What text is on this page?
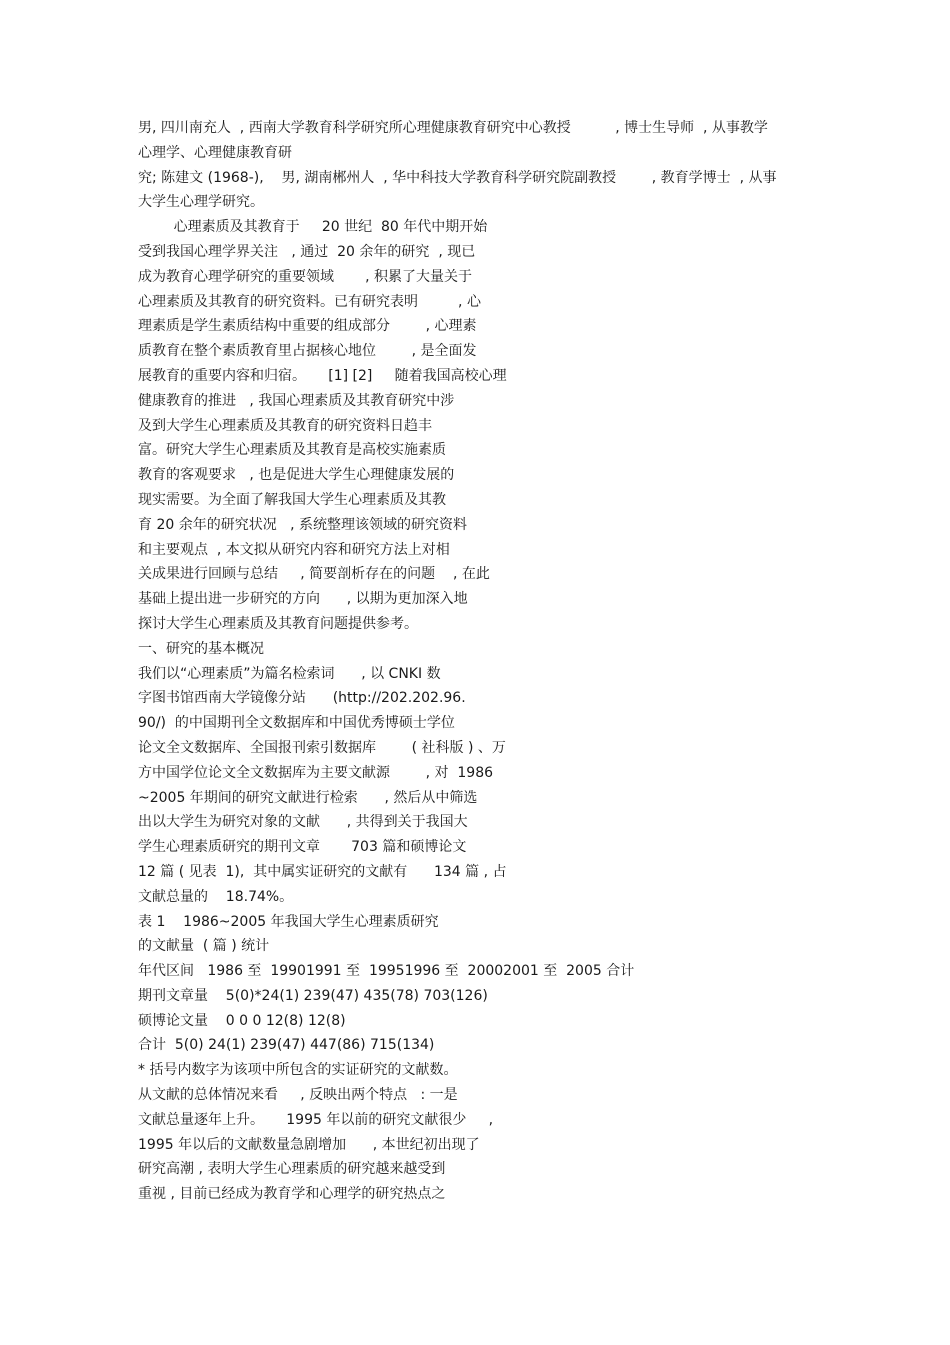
男, 四川南充人  , 西南大学教育科学研究所心理健康教育研究中心教授          , 博士生导师  , 从事教学
心理学、心理健康教育研
究; 陈建文 (1968-),    男, 湖南郴州人  , 华中科技大学教育科学研究院副教授        , 教育学博士  , 从事
大学生心理学研究。
心理素质及其教育于     20 世纪  80 年代中期开始
受到我国心理学界关注   , 通过  20 余年的研究  , 现已
成为教育心理学研究的重要领域       , 积累了大量关于
心理素质及其教育的研究资料。已有研究表明         , 心
理素质是学生素质结构中重要的组成部分        , 心理素
质教育在整个素质教育里占据核心地位        , 是全面发
展教育的重要内容和归宿。     [1] [2]     随着我国高校心理
健康教育的推进   , 我国心理素质及其教育研究中涉
及到大学生心理素质及其教育的研究资料日趋丰
富。研究大学生心理素质及其教育是高校实施素质
教育的客观要求   , 也是促进大学生心理健康发展的
现实需要。为全面了解我国大学生心理素质及其教
育 20 余年的研究状况   , 系统整理该领域的研究资料
和主要观点  , 本文拟从研究内容和研究方法上对相
关成果进行回顾与总结     , 简要剖析存在的问题    , 在此
基础上提出进一步研究的方向      , 以期为更加深入地
探讨大学生心理素质及其教育问题提供参考。
一、研究的基本概况
我们以“心理素质”为篇名检索词      , 以 CNKI 数
字图书馆西南大学镜像分站      (http://202.202.96.
90/)  的中国期刊全文数据库和中国优秀博硕士学位
论文全文数据库、全国报刊索引数据库        ( 社科版 ) 、万
方中国学位论文全文数据库为主要文献源        , 对  1986
~2005 年期间的研究文献进行检索      , 然后从中筛选
出以大学生为研究对象的文献      , 共得到关于我国大
学生心理素质研究的期刊文章       703 篇和硕博论文
12 篇 ( 见表  1),  其中属实证研究的文献有      134 篇 , 占
文献总量的    18.74%。
表 1    1986~2005 年我国大学生心理素质研究
的文献量  ( 篇 ) 统计
年代区间   1986 至  19901991 至  19951996 至  20002001 至  2005 合计
期刊文章量    5(0)*24(1) 239(47) 435(78) 703(126)
硕博论文量    0 0 0 12(8) 12(8)
合计  5(0) 24(1) 239(47) 447(86) 715(134)
* 括号内数字为该项中所包含的实证研究的文献数。
从文献的总体情况来看     , 反映出两个特点   : 一是
文献总量逐年上升。     1995 年以前的研究文献很少     ,
1995 年以后的文献数量急剧增加      , 本世纪初出现了
研究高潮 , 表明大学生心理素质的研究越来越受到
重视 , 目前已经成为教育学和心理学的研究热点之
